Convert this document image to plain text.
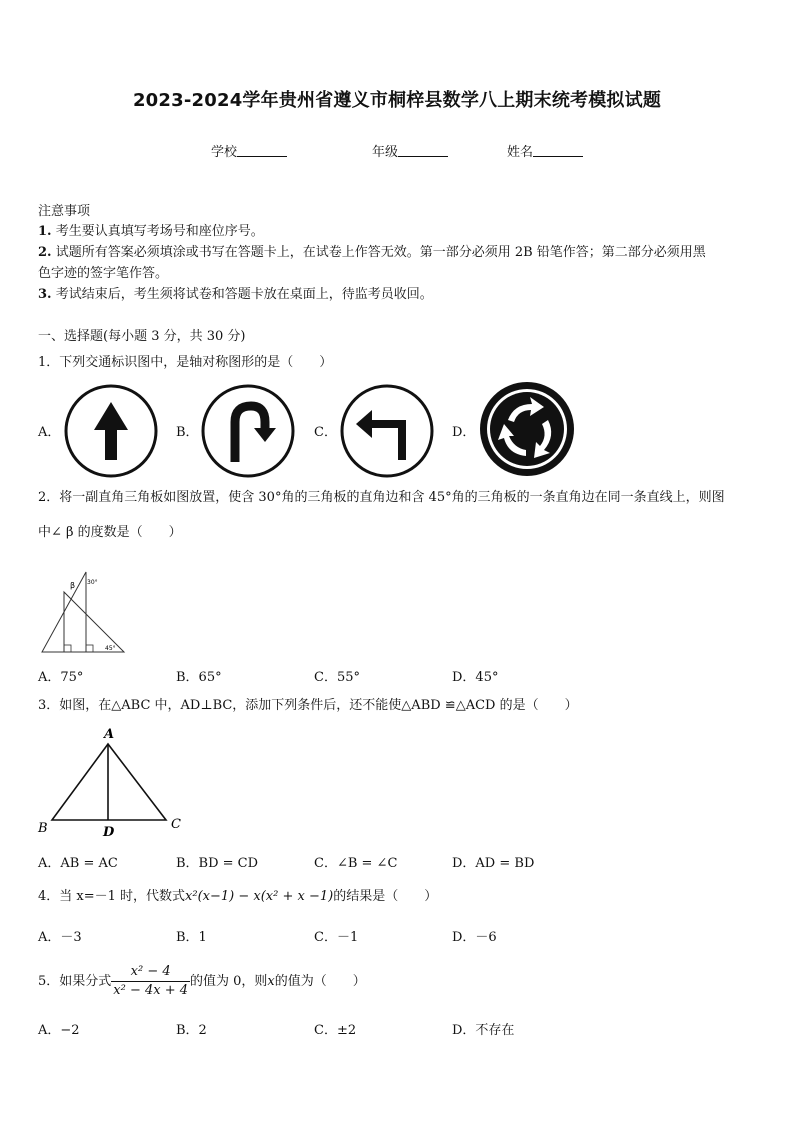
2023-2024学年贵州省遵义市桐梓县数学八上期末统考模拟试题
学校	年级	姓名
注意事项
1. 考生要认真填写考场号和座位序号。
2. 试题所有答案必须填涂或书写在答题卡上，在试卷上作答无效。第一部分必须用 2B 铅笔作答；第二部分必须用黑
色字迹的签字笔作答。
3. 考试结束后，考生须将试卷和答题卡放在桌面上，待监考员收回。
一、选择题(每小题 3 分，共 30 分)
1．下列交通标识图中，是轴对称图形的是（　　）
A．	B．	C．	D．
2．将一副直角三角板如图放置，使含 30°角的三角板的直角边和含 45°角的三角板的一条直角边在同一条直线上，则图
中∠ β 的度数是（　　）
β 30°
45°
A．75°	B．65°	C．55°	D．45°
3．如图，在△ABC 中，AD⊥BC，添加下列条件后，还不能使△ABD ≌△ACD 的是（　　）
A
B	C
D
A．AB = AC	B．BD = CD	C．∠B = ∠C	D．AD = BD
4．当 x=－1 时，代数式x²(x−1) − x(x² + x −1)的结果是（　　）
A．－3	B．1	C．－1	D．－6
5．如果分式 $\frac{\text{x² − 4}}{\text{x² − 4x + 4}}$ 的值为 0，则x的值为（　　）
A．−2	B．2	C．±2	D．不存在
